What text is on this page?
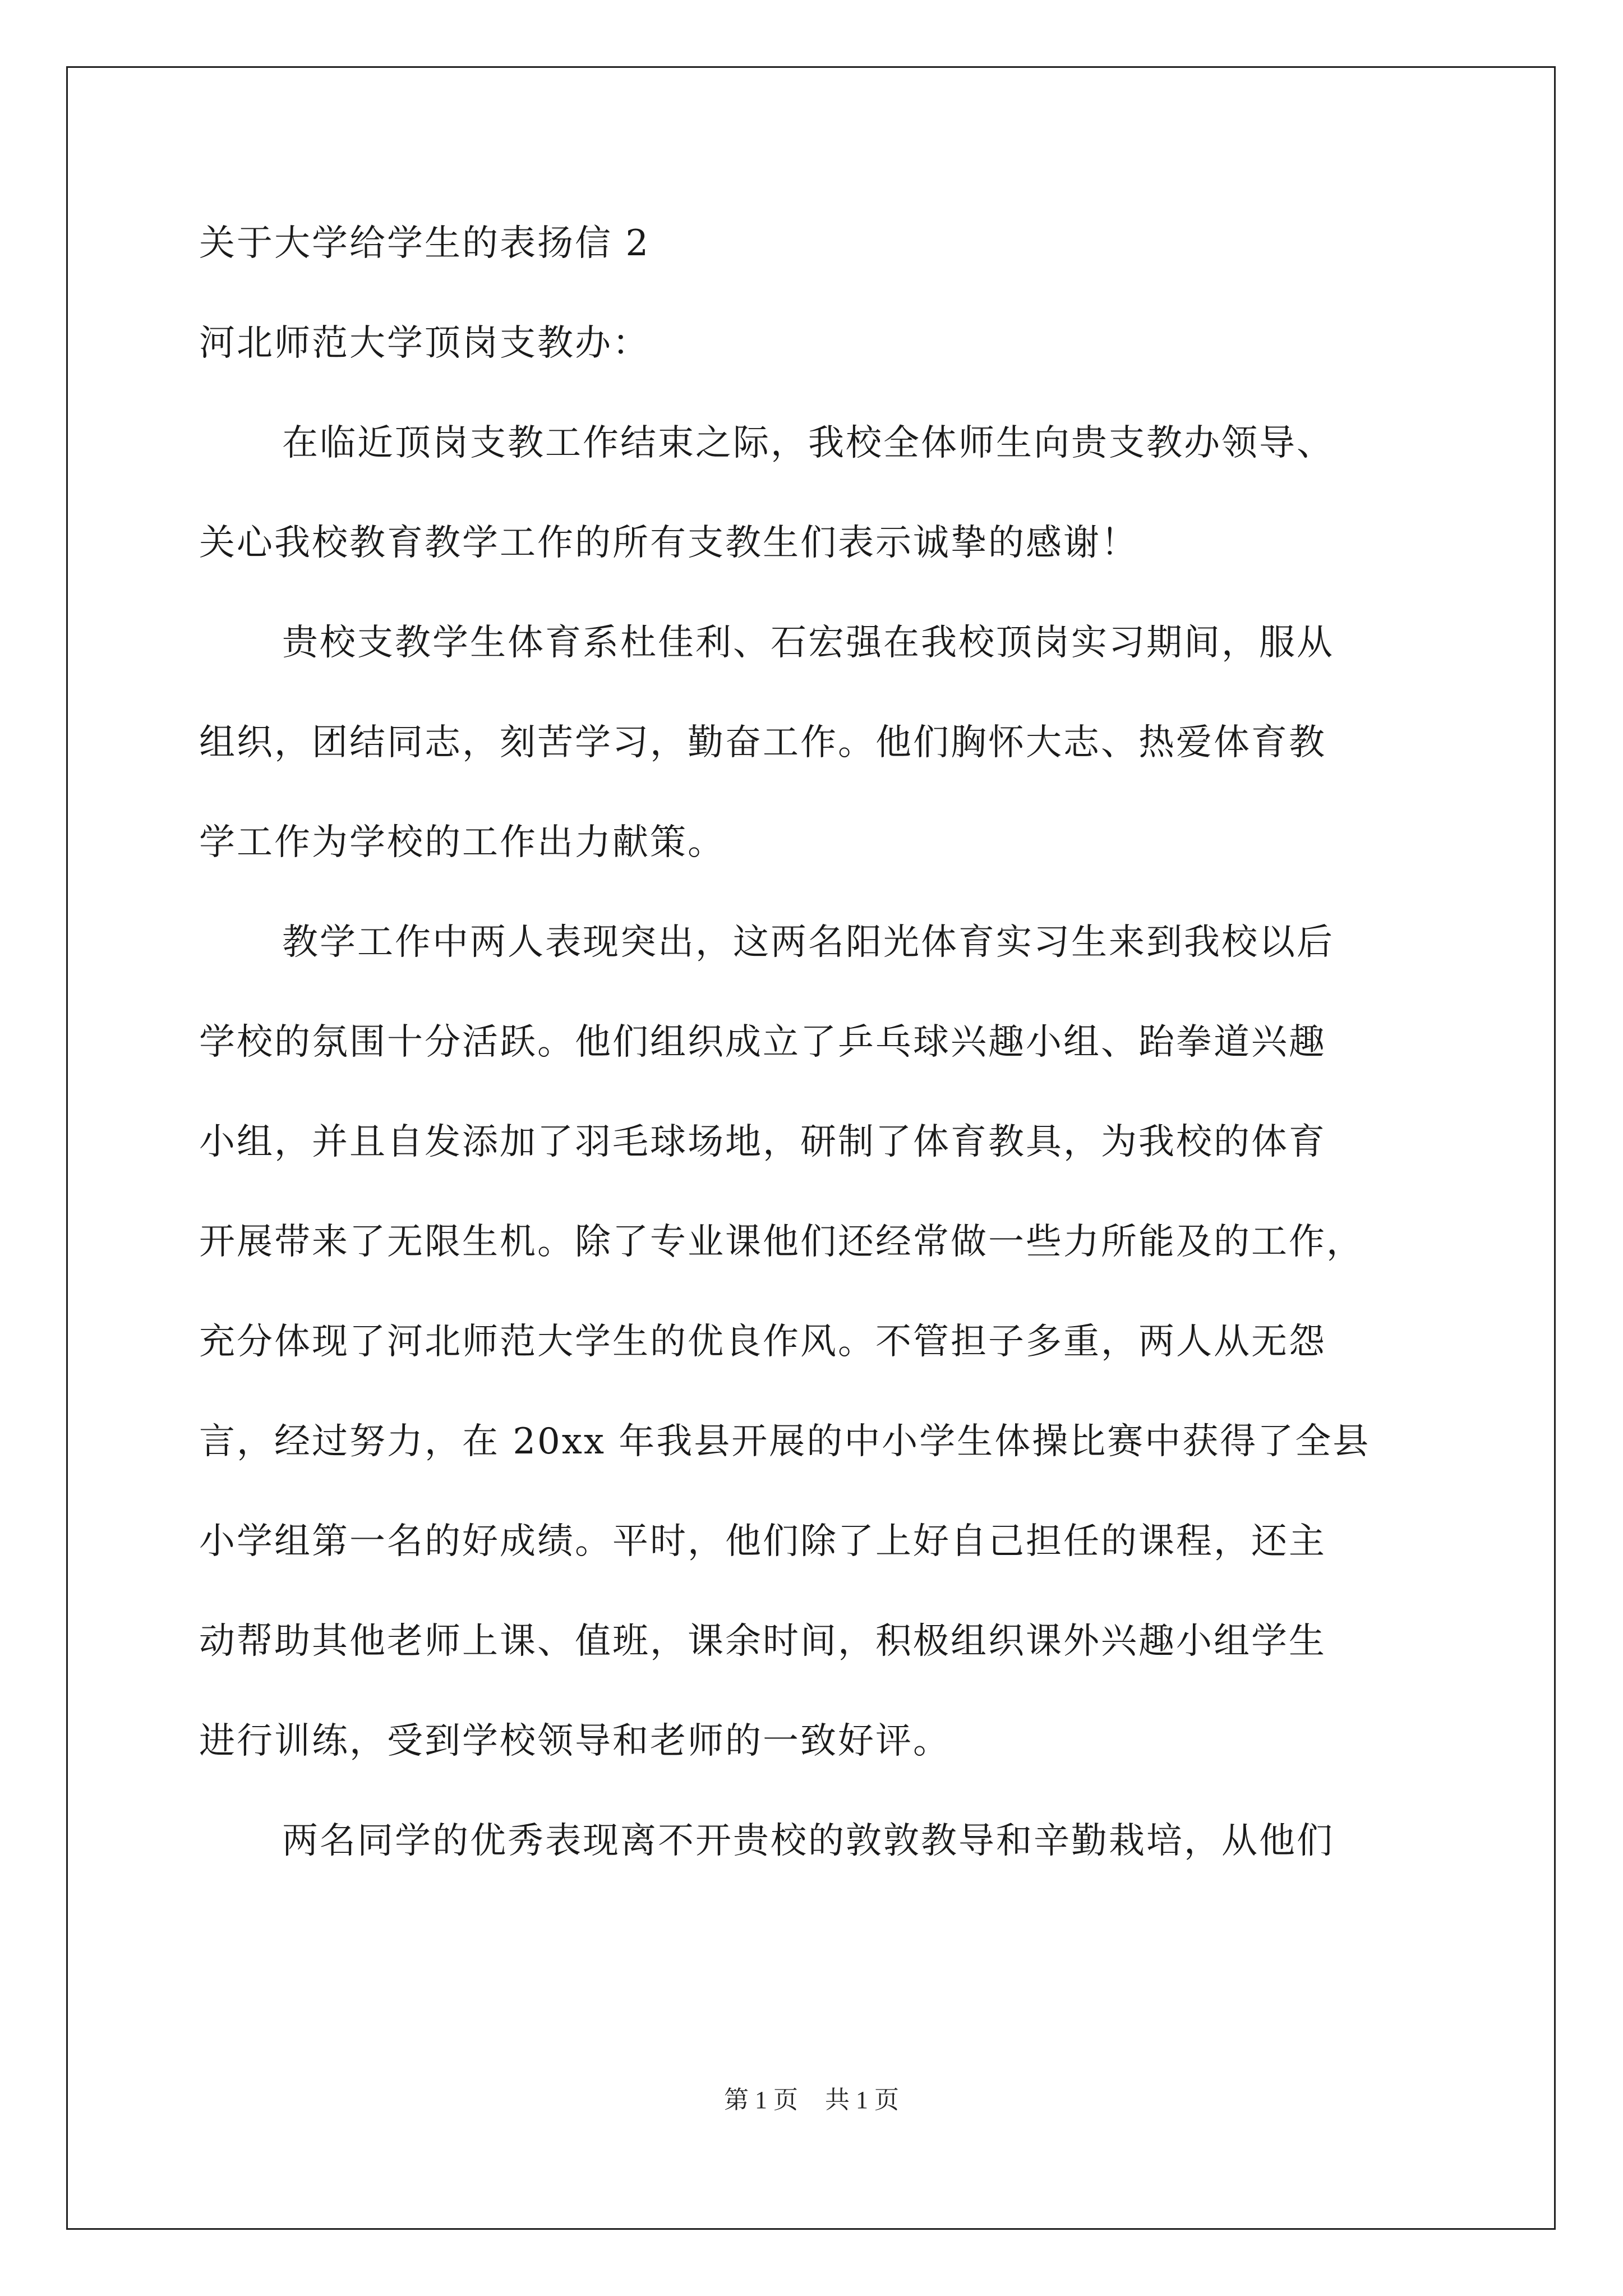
关于大学给学生的表扬信 2
河北师范大学顶岗支教办：
在临近顶岗支教工作结束之际，我校全体师生向贵支教办领导、
关心我校教育教学工作的所有支教生们表示诚挚的感谢！
贵校支教学生体育系杜佳利、石宏强在我校顶岗实习期间，服从
组织，团结同志，刻苦学习，勤奋工作。他们胸怀大志、热爱体育教
学工作为学校的工作出力献策。
教学工作中两人表现突出，这两名阳光体育实习生来到我校以后
学校的氛围十分活跃。他们组织成立了乒乓球兴趣小组、跆拳道兴趣
小组，并且自发添加了羽毛球场地，研制了体育教具，为我校的体育
开展带来了无限生机。除了专业课他们还经常做一些力所能及的工作，
充分体现了河北师范大学生的优良作风。不管担子多重，两人从无怨
言，经过努力，在 20xx 年我县开展的中小学生体操比赛中获得了全县
小学组第一名的好成绩。平时，他们除了上好自己担任的课程，还主
动帮助其他老师上课、值班，课余时间，积极组织课外兴趣小组学生
进行训练，受到学校领导和老师的一致好评。
两名同学的优秀表现离不开贵校的敦敦教导和辛勤栽培，从他们
第 1 页 共 1 页
